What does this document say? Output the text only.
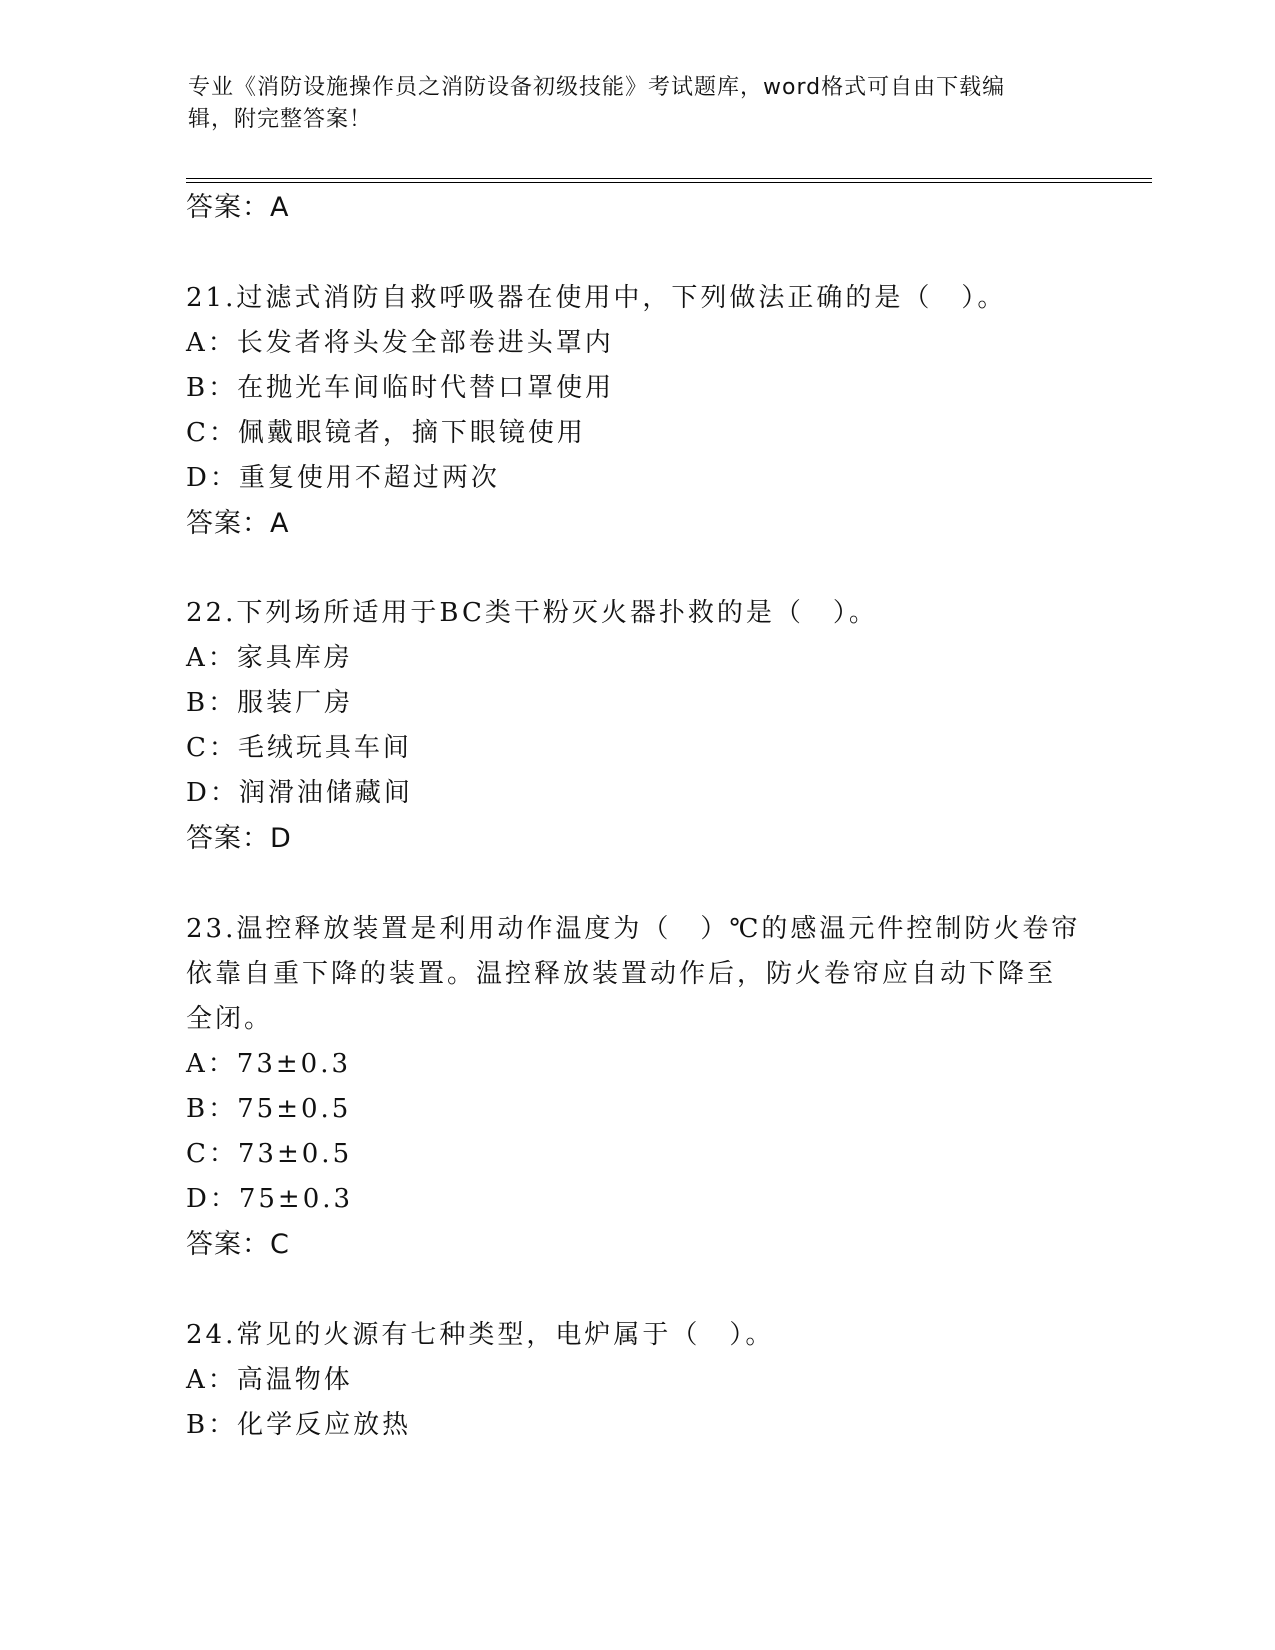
专业《消防设施操作员之消防设备初级技能》考试题库，word格式可自由下载编
辑，附完整答案！
答案：A
21.过滤式消防自救呼吸器在使用中，下列做法正确的是（　）。
A：长发者将头发全部卷进头罩内
B：在抛光车间临时代替口罩使用
C：佩戴眼镜者，摘下眼镜使用
D：重复使用不超过两次
答案：A
22.下列场所适用于BC类干粉灭火器扑救的是（　）。
A：家具库房
B：服装厂房
C：毛绒玩具车间
D：润滑油储藏间
答案：D
23.温控释放装置是利用动作温度为（　）℃的感温元件控制防火卷帘
依靠自重下降的装置。温控释放装置动作后，防火卷帘应自动下降至
全闭。
A：73±0.3
B：75±0.5
C：73±0.5
D：75±0.3
答案：C
24.常见的火源有七种类型，电炉属于（　）。
A：高温物体
B：化学反应放热
